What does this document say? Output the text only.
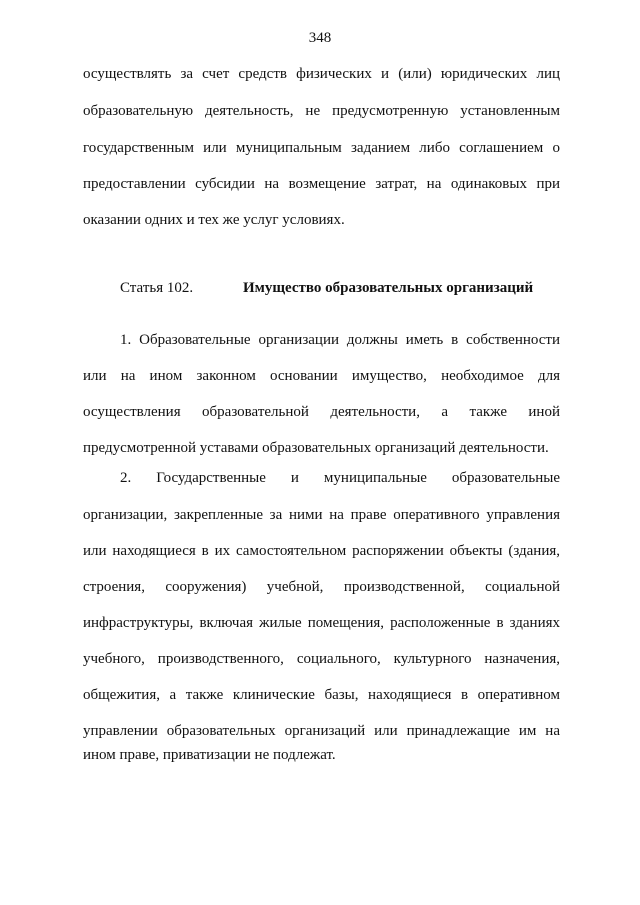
348
осуществлять за счет средств физических и (или) юридических лиц
образовательную деятельность, не предусмотренную установленным
государственным или муниципальным заданием либо соглашением о
предоставлении субсидии на возмещение затрат, на одинаковых при
оказании одних и тех же услуг условиях.
Статья 102.	Имущество образовательных организаций
1. Образовательные организации должны иметь в собственности
или на ином законном основании имущество, необходимое для
осуществления образовательной деятельности, а также иной
предусмотренной уставами образовательных организаций деятельности.
2. Государственные и муниципальные образовательные
организации, закрепленные за ними на праве оперативного управления
или находящиеся в их самостоятельном распоряжении объекты (здания,
строения, сооружения) учебной, производственной, социальной
инфраструктуры, включая жилые помещения, расположенные в зданиях
учебного, производственного, социального, культурного назначения,
общежития, а также клинические базы, находящиеся в оперативном
управлении образовательных организаций или принадлежащие им на
ином праве, приватизации не подлежат.
